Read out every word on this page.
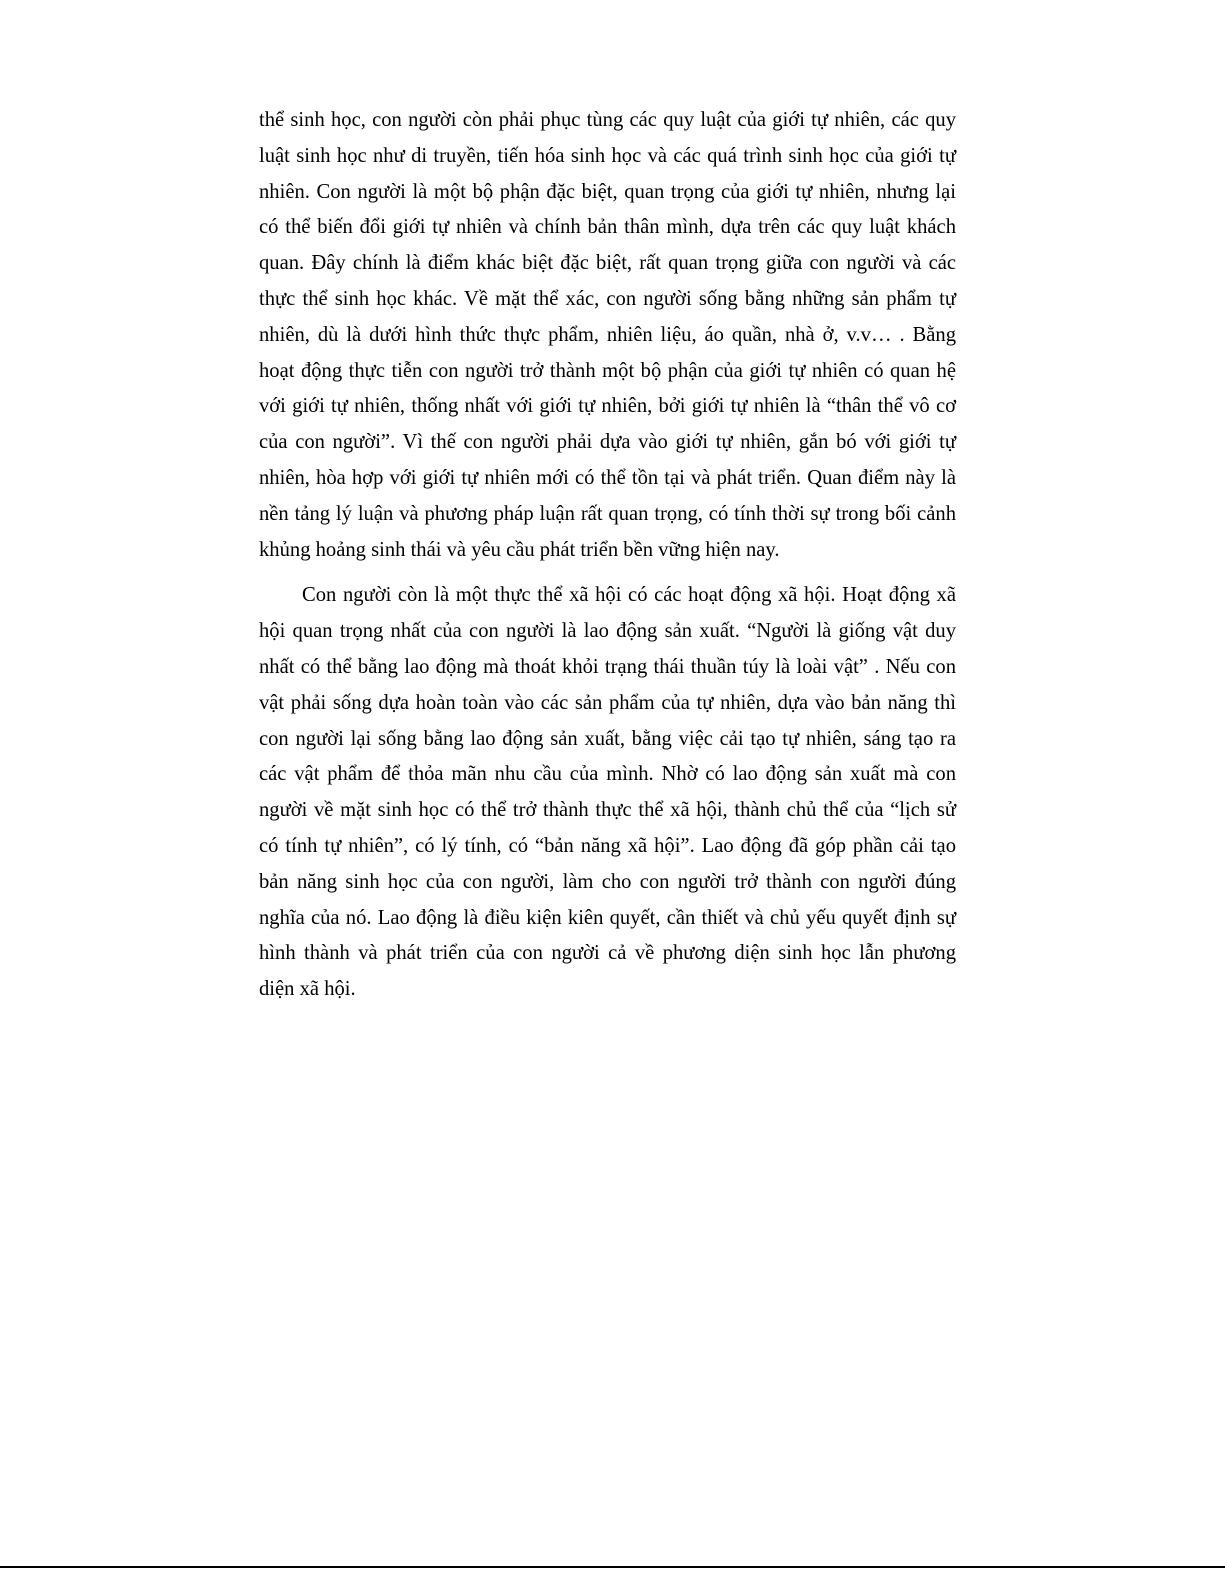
thể sinh học, con người còn phải phục tùng các quy luật của giới tự nhiên, các quy
luật sinh học như di truyền, tiến hóa sinh học và các quá trình sinh học của giới tự
nhiên. Con người là một bộ phận đặc biệt, quan trọng của giới tự nhiên, nhưng lại
có thể biến đổi giới tự nhiên và chính bản thân mình, dựa trên các quy luật khách
quan. Đây chính là điểm khác biệt đặc biệt, rất quan trọng giữa con người và các
thực thể sinh học khác. Về mặt thể xác, con người sống bằng những sản phẩm tự
nhiên, dù là dưới hình thức thực phẩm, nhiên liệu, áo quần, nhà ở, v.v… . Bằng
hoạt động thực tiễn con người trở thành một bộ phận của giới tự nhiên có quan hệ
với giới tự nhiên, thống nhất với giới tự nhiên, bởi giới tự nhiên là “thân thể vô cơ
của con người”. Vì thế con người phải dựa vào giới tự nhiên, gắn bó với giới tự
nhiên, hòa hợp với giới tự nhiên mới có thể tồn tại và phát triển. Quan điểm này là
nền tảng lý luận và phương pháp luận rất quan trọng, có tính thời sự trong bối cảnh
khủng hoảng sinh thái và yêu cầu phát triển bền vững hiện nay.

Con người còn là một thực thể xã hội có các hoạt động xã hội. Hoạt động xã
hội quan trọng nhất của con người là lao động sản xuất. “Người là giống vật duy
nhất có thể bằng lao động mà thoát khỏi trạng thái thuần túy là loài vật” . Nếu con
vật phải sống dựa hoàn toàn vào các sản phẩm của tự nhiên, dựa vào bản năng thì
con người lại sống bằng lao động sản xuất, bằng việc cải tạo tự nhiên, sáng tạo ra
các vật phẩm để thỏa mãn nhu cầu của mình. Nhờ có lao động sản xuất mà con
người về mặt sinh học có thể trở thành thực thể xã hội, thành chủ thể của “lịch sử
có tính tự nhiên”, có lý tính, có “bản năng xã hội”. Lao động đã góp phần cải tạo
bản năng sinh học của con người, làm cho con người trở thành con người đúng
nghĩa của nó. Lao động là điều kiện kiên quyết, cần thiết và chủ yếu quyết định sự
hình thành và phát triển của con người cả về phương diện sinh học lẫn phương
diện xã hội.
